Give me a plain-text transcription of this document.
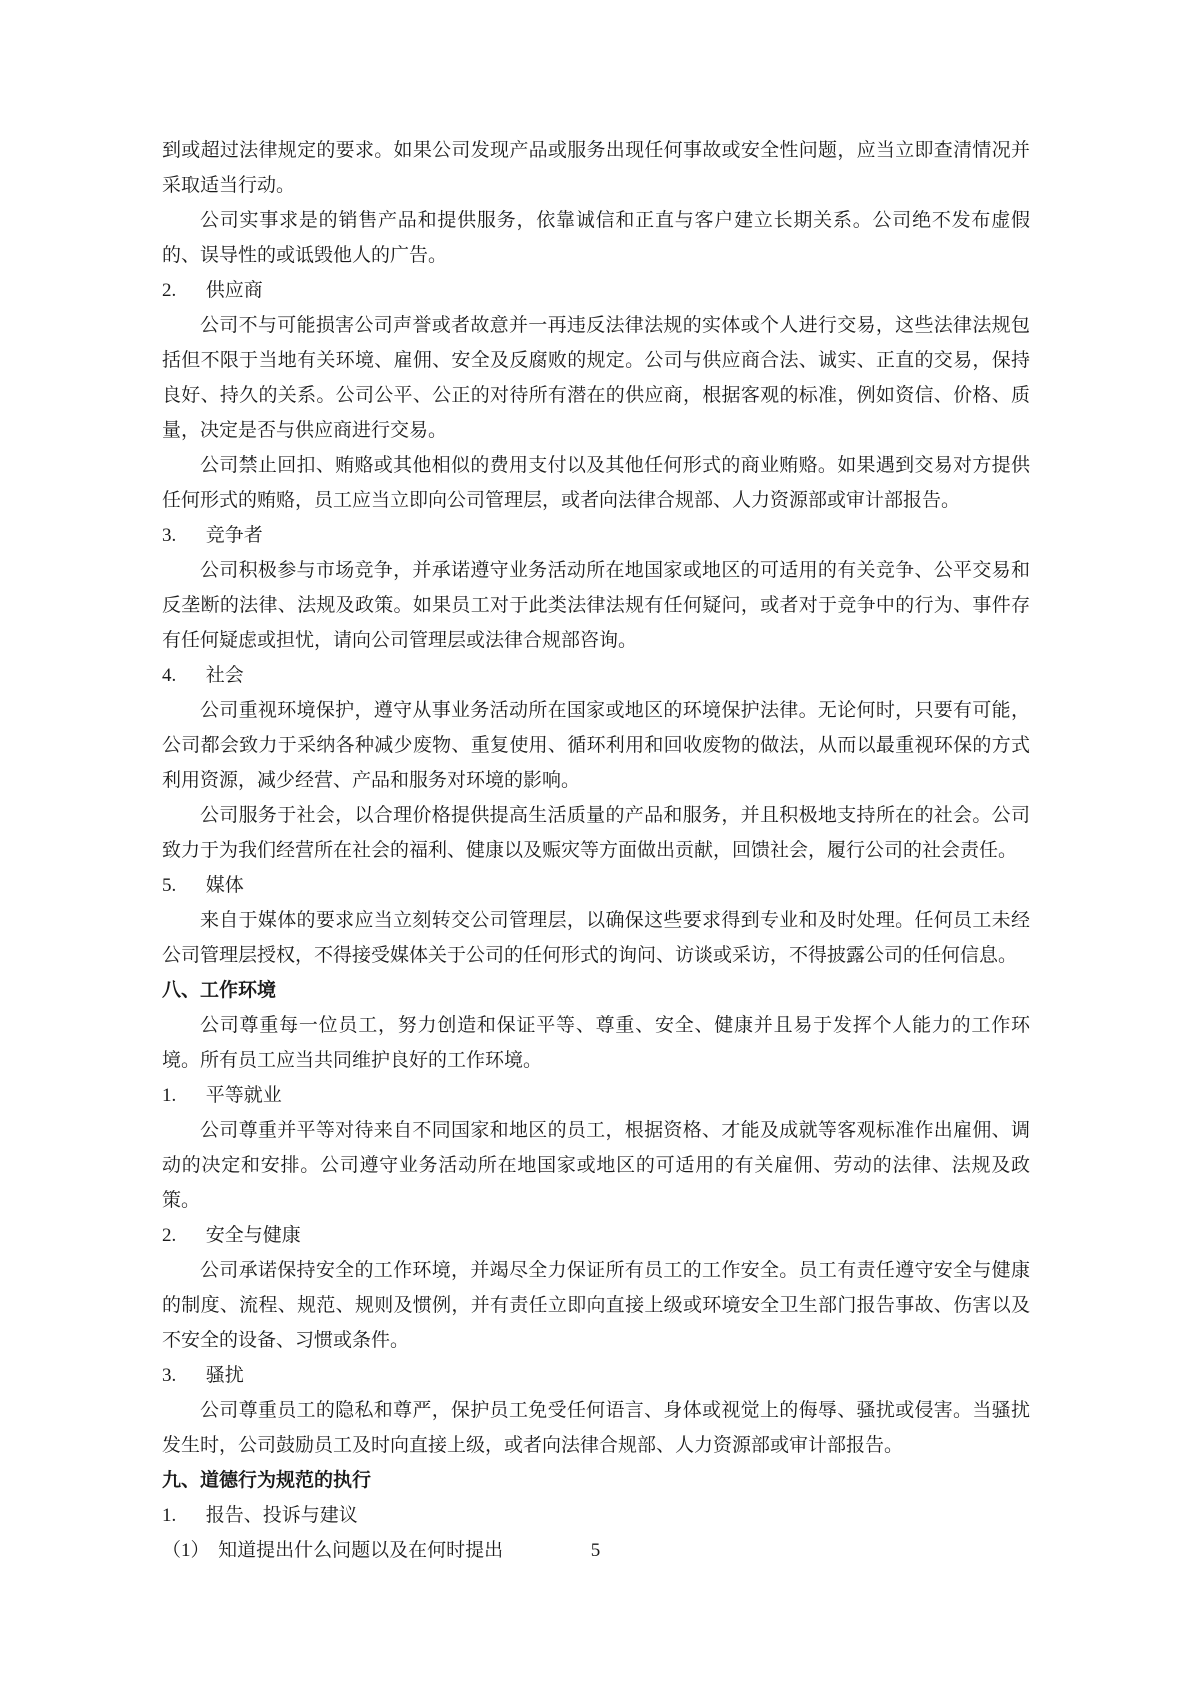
到或超过法律规定的要求。如果公司发现产品或服务出现任何事故或安全性问题，应当立即查清情况并采取适当行动。

公司实事求是的销售产品和提供服务，依靠诚信和正直与客户建立长期关系。公司绝不发布虚假的、误导性的或诋毁他人的广告。

2. 供应商

公司不与可能损害公司声誉或者故意并一再违反法律法规的实体或个人进行交易，这些法律法规包括但不限于当地有关环境、雇佣、安全及反腐败的规定。公司与供应商合法、诚实、正直的交易，保持良好、持久的关系。公司公平、公正的对待所有潜在的供应商，根据客观的标准，例如资信、价格、质量，决定是否与供应商进行交易。

公司禁止回扣、贿赂或其他相似的费用支付以及其他任何形式的商业贿赂。如果遇到交易对方提供任何形式的贿赂，员工应当立即向公司管理层，或者向法律合规部、人力资源部或审计部报告。

3. 竞争者

公司积极参与市场竞争，并承诺遵守业务活动所在地国家或地区的可适用的有关竞争、公平交易和反垄断的法律、法规及政策。如果员工对于此类法律法规有任何疑问，或者对于竞争中的行为、事件存有任何疑虑或担忧，请向公司管理层或法律合规部咨询。

4. 社会

公司重视环境保护，遵守从事业务活动所在国家或地区的环境保护法律。无论何时，只要有可能，公司都会致力于采纳各种减少废物、重复使用、循环利用和回收废物的做法，从而以最重视环保的方式利用资源，减少经营、产品和服务对环境的影响。

公司服务于社会，以合理价格提供提高生活质量的产品和服务，并且积极地支持所在的社会。公司致力于为我们经营所在社会的福利、健康以及赈灾等方面做出贡献，回馈社会，履行公司的社会责任。

5. 媒体

来自于媒体的要求应当立刻转交公司管理层，以确保这些要求得到专业和及时处理。任何员工未经公司管理层授权，不得接受媒体关于公司的任何形式的询问、访谈或采访，不得披露公司的任何信息。

八、工作环境

公司尊重每一位员工，努力创造和保证平等、尊重、安全、健康并且易于发挥个人能力的工作环境。所有员工应当共同维护良好的工作环境。

1. 平等就业

公司尊重并平等对待来自不同国家和地区的员工，根据资格、才能及成就等客观标准作出雇佣、调动的决定和安排。公司遵守业务活动所在地国家或地区的可适用的有关雇佣、劳动的法律、法规及政策。

2. 安全与健康

公司承诺保持安全的工作环境，并竭尽全力保证所有员工的工作安全。员工有责任遵守安全与健康的制度、流程、规范、规则及惯例，并有责任立即向直接上级或环境安全卫生部门报告事故、伤害以及不安全的设备、习惯或条件。

3. 骚扰

公司尊重员工的隐私和尊严，保护员工免受任何语言、身体或视觉上的侮辱、骚扰或侵害。当骚扰发生时，公司鼓励员工及时向直接上级，或者向法律合规部、人力资源部或审计部报告。

九、道德行为规范的执行

1. 报告、投诉与建议

（1） 知道提出什么问题以及在何时提出	5
